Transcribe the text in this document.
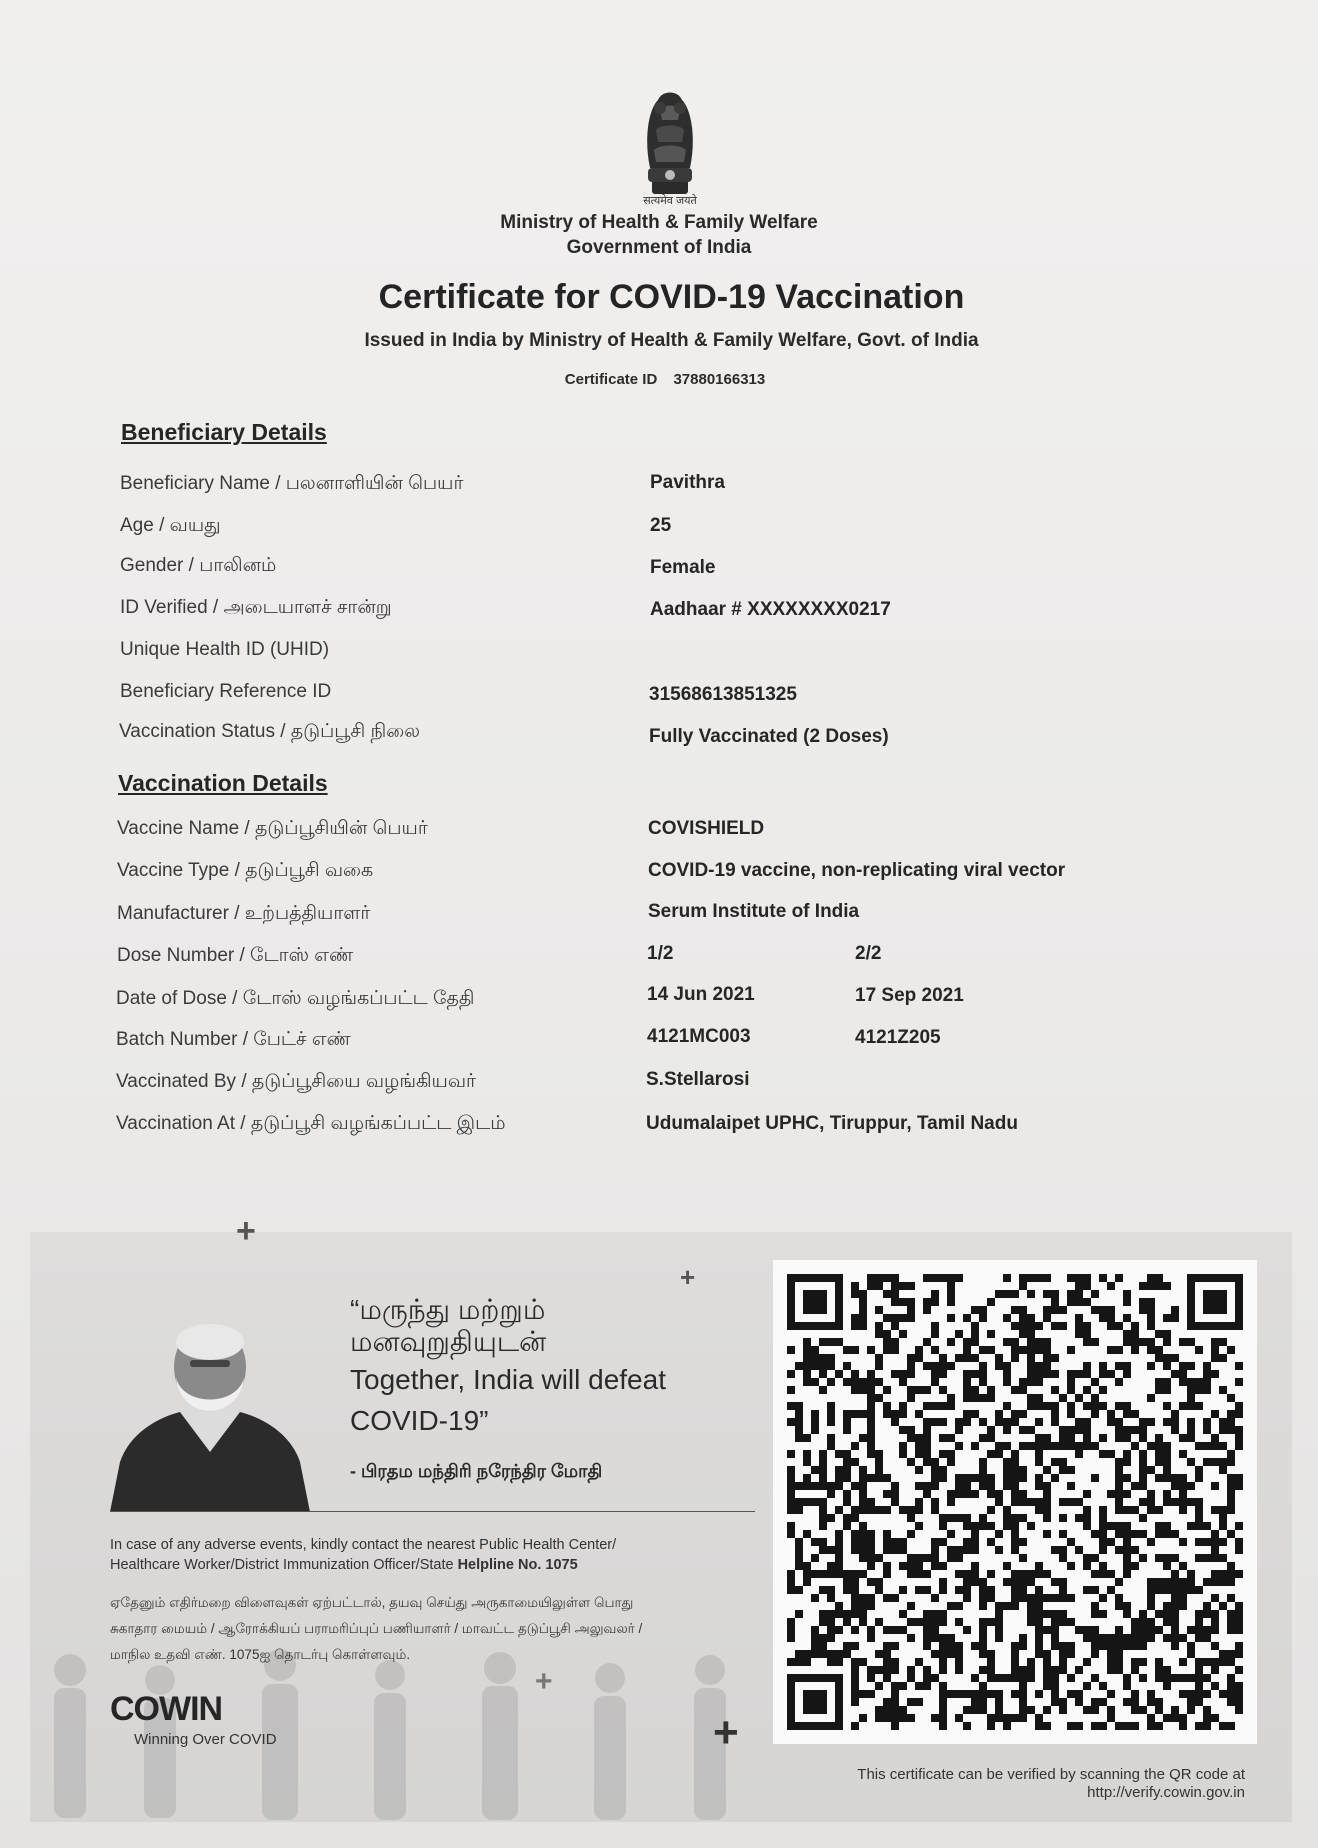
सत्यमेव जयते
Ministry of Health & Family Welfare
Government of India
Certificate for COVID-19 Vaccination
Issued in India by Ministry of Health & Family Welfare, Govt. of India
Certificate ID 37880166313
Beneficiary Details
Beneficiary Name / பலனாளியின் பெயர்	Pavithra
Age / வயது	25
Gender / பாலினம்	Female
ID Verified / அடையாளச் சான்று	Aadhaar # XXXXXXXX0217
Unique Health ID (UHID)
Beneficiary Reference ID	31568613851325
Vaccination Status / தடுப்பூசி நிலை	Fully Vaccinated (2 Doses)
Vaccination Details
Vaccine Name / தடுப்பூசியின் பெயர்	COVISHIELD
Vaccine Type / தடுப்பூசி வகை	COVID-19 vaccine, non-replicating viral vector
Manufacturer / உற்பத்தியாளர்	Serum Institute of India
Dose Number / டோஸ் எண்	1/2	2/2
Date of Dose / டோஸ் வழங்கப்பட்ட தேதி	14 Jun 2021	17 Sep 2021
Batch Number / பேட்ச் எண்	4121MC003	4121Z205
Vaccinated By / தடுப்பூசியை வழங்கியவர்	S.Stellarosi
Vaccination At / தடுப்பூசி வழங்கப்பட்ட இடம்	Udumalaipet UPHC, Tiruppur, Tamil Nadu
+
+
+
+
“மருந்து மற்றும்
மனவுறுதியுடன்
Together, India will defeat
COVID-19”
- பிரதம மந்திரி நரேந்திர மோதி
In case of any adverse events, kindly contact the nearest Public Health Center/
Healthcare Worker/District Immunization Officer/State Helpline No. 1075
ஏதேனும் எதிர்மறை விளைவுகள் ஏற்பட்டால், தயவு செய்து அருகாமையிலுள்ள பொது
சுகாதார மையம் / ஆரோக்கியப் பராமரிப்புப் பணியாளர் / மாவட்ட தடுப்பூசி அலுவலர் /
மாநில உதவி எண். 1075ஐ தொடர்பு கொள்ளவும்.
COWIN
Winning Over COVID
This certificate can be verified by scanning the QR code at
http://verify.cowin.gov.in
